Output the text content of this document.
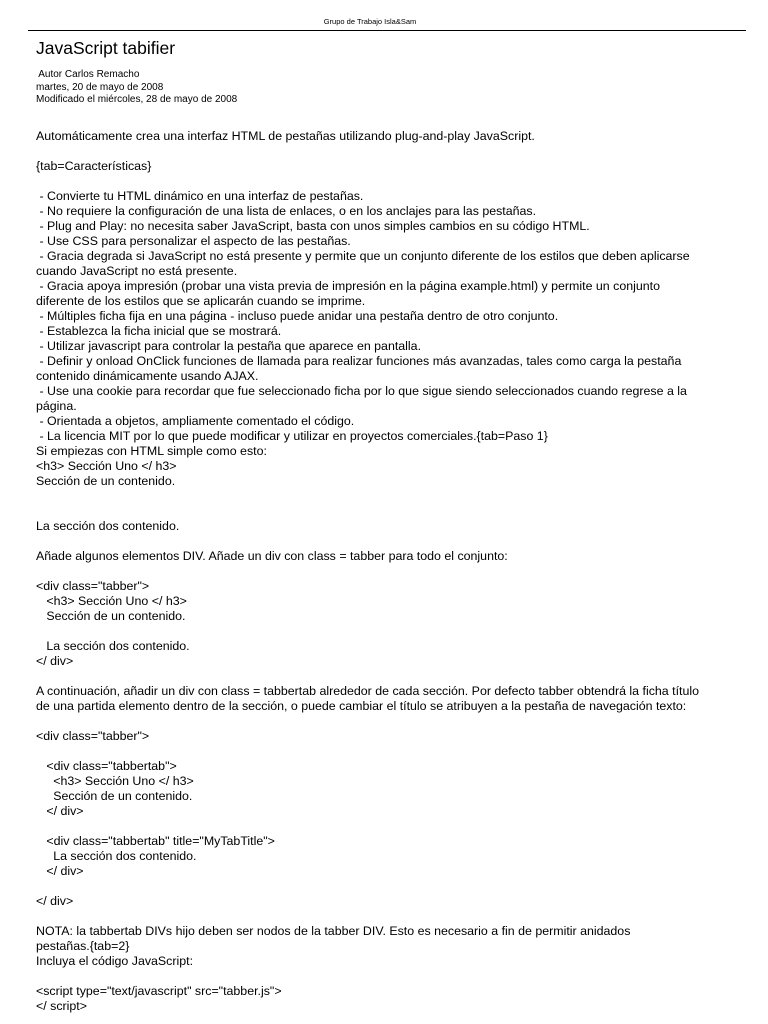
Grupo de Trabajo Isla&Sam
JavaScript tabifier
Autor Carlos Remacho
martes, 20 de mayo de 2008
Modificado el miércoles, 28 de mayo de 2008
Automáticamente crea una interfaz HTML de pestañas utilizando plug-and-play JavaScript.
{tab=Características}
- Convierte tu HTML dinámico en una interfaz de pestañas.
- No requiere la configuración de una lista de enlaces, o en los anclajes para las pestañas.
- Plug and Play: no necesita saber JavaScript, basta con unos simples cambios en su código HTML.
- Use CSS para personalizar el aspecto de las pestañas.
- Gracia degrada si JavaScript no está presente y permite que un conjunto diferente de los estilos que deben aplicarse
cuando JavaScript no está presente.
- Gracia apoya impresión (probar una vista previa de impresión en la página example.html) y permite un conjunto
diferente de los estilos que se aplicarán cuando se imprime.
- Múltiples ficha fija en una página - incluso puede anidar una pestaña dentro de otro conjunto.
- Establezca la ficha inicial que se mostrará.
- Utilizar javascript para controlar la pestaña que aparece en pantalla.
- Definir y onload OnClick funciones de llamada para realizar funciones más avanzadas, tales como carga la pestaña
contenido dinámicamente usando AJAX.
- Use una cookie para recordar que fue seleccionado ficha por lo que sigue siendo seleccionados cuando regrese a la
página.
- Orientada a objetos, ampliamente comentado el código.
- La licencia MIT por lo que puede modificar y utilizar en proyectos comerciales.{tab=Paso 1}
Si empiezas con HTML simple como esto:
<h3> Sección Uno </ h3>
Sección de un contenido.
La sección dos contenido.
Añade algunos elementos DIV. Añade un div con class = tabber para todo el conjunto:
<div class="tabber">
<h3> Sección Uno </ h3>
Sección de un contenido.
La sección dos contenido.
</ div>
A continuación, añadir un div con class = tabbertab alrededor de cada sección. Por defecto tabber obtendrá la ficha título
de una partida elemento dentro de la sección, o puede cambiar el título se atribuyen a la pestaña de navegación texto:
<div class="tabber">
<div class="tabbertab">
<h3> Sección Uno </ h3>
Sección de un contenido.
</ div>
<div class="tabbertab" title="MyTabTitle">
La sección dos contenido.
</ div>
</ div>
NOTA: la tabbertab DIVs hijo deben ser nodos de la tabber DIV. Esto es necesario a fin de permitir anidados
pestañas.{tab=2}
Incluya el código JavaScript:
<script type="text/javascript" src="tabber.js">
</ script>
